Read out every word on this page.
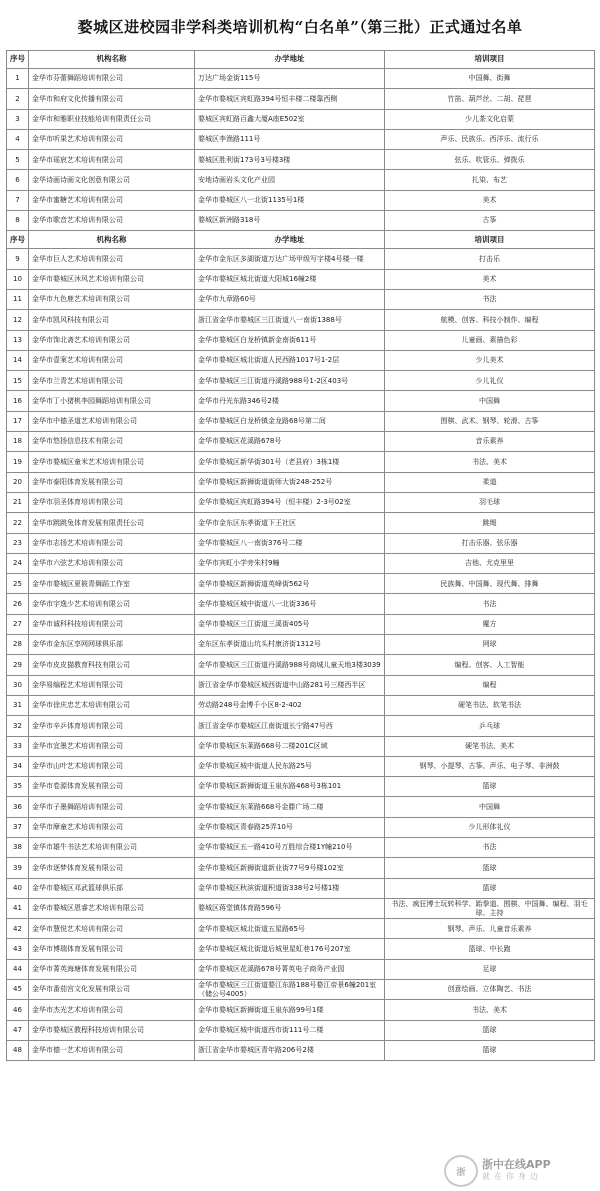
婺城区进校园非学科类培训机构“白名单”（第三批）正式通过名单
序号	机构名称	办学地址	培训项目
1	金华市芬蕾舞蹈培训有限公司	万达广场金街115号	中国舞、街舞
2	金华市和府文化传播有限公司	金华市婺城区宾虹路394号恒丰楼二楼靠西侧	竹笛、葫芦丝、二胡、琵琶
3	金华市和雅职业技能培训有限责任公司	婺城区宾虹路百鑫大厦A座E502室	少儿茶文化启蒙
4	金华市听果艺术培训有限公司	婺城区李渔路111号	声乐、民族乐、西洋乐、流行乐
5	金华市瑶宸艺术培训有限公司	婺城区胜利街173号3号楼3楼	弦乐、吹管乐、弹拨乐
6	金华诗画诗画文化创意有限公司	安地诗画岩头文化产业园	扎染、布艺
7	金华市蜜糖艺术培训有限公司	金华市婺城区八一北街1135号1楼	美术
8	金华市歌音艺术培训有限公司	婺城区新洲路318号	古筝
序号	机构名称	办学地址	培训项目
9	金华市巨人艺术培训有限公司	金华市金东区多湖街道万达广场甲级写字楼4号楼一楼	打击乐
10	金华市婺城区沐风艺术培训有限公司	金华市婺城区城北街道大阳城16幢2楼	美术
11	金华市九色鹿艺术培训有限公司	金华市九章路60号	书法
12	金华市凯风科技有限公司	浙江省金华市婺城区三江街道八一南街1388号	航模、创客、科技小制作、编程
13	金华市饰北斋艺术培训有限公司	金华市婺城区白龙桥镇新金南街611号	儿童画、素描色彩
14	金华市壹案艺术培训有限公司	金华市婺城区城北街道人民西路1017号1-2层	少儿美术
15	金华市兰青艺术培训有限公司	金华市婺城区三江街道丹溪路988号1-2区403号	少儿礼仪
16	金华市丁小猪桃李园舞蹈培训有限公司	金华市丹光东路346号2楼	中国舞
17	金华市中德圣道艺术培训有限公司	金华市婺城区白龙桥镇金龙路68号第二间	围棋、武术、钢琴、轮滑、古筝
18	金华市悠扬信息技术有限公司	金华市婺城区花溪路678号	音乐素养
19	金华市婺城区童米艺术培训有限公司	金华市婺城区新华街301号（老县府）3栋1楼	书法、美术
20	金华市泰阳体育发展有限公司	金华市婺城区新狮街道街师大街248-252号	柔道
21	金华市羽圣体育培训有限公司	金华市婺城区宾虹路394号（恒丰楼）2-3号02室	羽毛球
22	金华市跳跳兔体育发展有限责任公司	金华市金东区东孝街道下王社区	跳绳
23	金华市志扬艺术培训有限公司	金华市婺城区八一南街376号二楼	打击乐器、弦乐器
24	金华市六弦艺术培训有限公司	金华市宾虹小学旁朱村9幢	吉他、尤克里里
25	金华市婺城区夏筱青舞蹈工作室	金华市婺城区新狮街道英峰街562号	民族舞、中国舞、现代舞、排舞
26	金华市宇逸少艺术培训有限公司	金华市婺城区城中街道八一北街336号	书法
27	金华市诚科科技培训有限公司	金华市婺城区三江街道三溪街405号	魔方
28	金华市金东区享网网球俱乐部	金东区东孝街道山坑头村康济街1312号	网球
29	金华市皮皮猫教育科技有限公司	金华市婺城区三江街道丹溪路988号商城儿童天地3楼3039	编程、创客、人工智能
30	金华易编程艺术培训有限公司	浙江省金华市婺城区城西街道中山路281号三楼西半区	编程
31	金华市徐庆忠艺术培训有限公司	劳动路248号金博千小区8-2-402	硬笔书法、软笔书法
32	金华市辛乒体育培训有限公司	浙江省金华市婺城区江南街道长宁路47号西	乒乓球
33	金华市宜墨艺术培训有限公司	金华市婺城区东莱路668号二楼201C区域	硬笔书法、美术
34	金华市山叶艺术培训有限公司	金华市婺城区城中街道人民东路25号	钢琴、小提琴、古筝、声乐、电子琴、非洲鼓
35	金华市卷源体育发展有限公司	金华市婺城区新狮街道玉泉东路468号3栋101	篮球
36	金华市子墨舞蹈培训有限公司	金华市婺城区东莱路668号金滕广场二楼	中国舞
37	金华市摩童艺术培训有限公司	金华市婺城区青春路25弄10号	少儿形体礼仪
38	金华市雄牛书法艺术培训有限公司	金华市婺城区五一路410号万胜综合楼1Y幢210号	书法
39	金华市逐梦体育发展有限公司	金华市婺城区新狮街道新业街77号9号楼102室	篮球
40	金华市婺城区邓武篮球俱乐部	金华市婺城区秋滨街道积道街338号2号楼1楼	篮球
41	金华市婺城区恩睿艺术培训有限公司	婺城区蒋堂镇体育路596号	书法、疯狂博士玩转科学、跆拳道、围棋、中国舞、编程、羽毛球、主持
42	金华市慧悦艺术培训有限公司	金华市婺城区城北街道五星路65号	钢琴、声乐、儿童音乐素养
43	金华市博瑞体育发展有限公司	金华市婺城区城北街道后城里星虹巷176号207室	篮球、中长跑
44	金华市菁英海塘体育发展有限公司	金华市婺城区花溪路678号菁英电子商务产业园	足球
45	金华市番茄宫文化发展有限公司	金华市婺城区三江街道婺江东路188号婺江帝景6幢201室（储公号4005）	创意绘画、立体陶艺、书法
46	金华市杰光艺术培训有限公司	金华市婺城区新狮街道玉泉东路99号1楼	书法、美术
47	金华市婺城区教程科技培训有限公司	金华市婺城区城中街道西市街111号二楼	篮球
48	金华市德一艺术培训有限公司	浙江省金华市婺城区青年路206号2楼	篮球
浙
浙中在线APP
就在你身边
